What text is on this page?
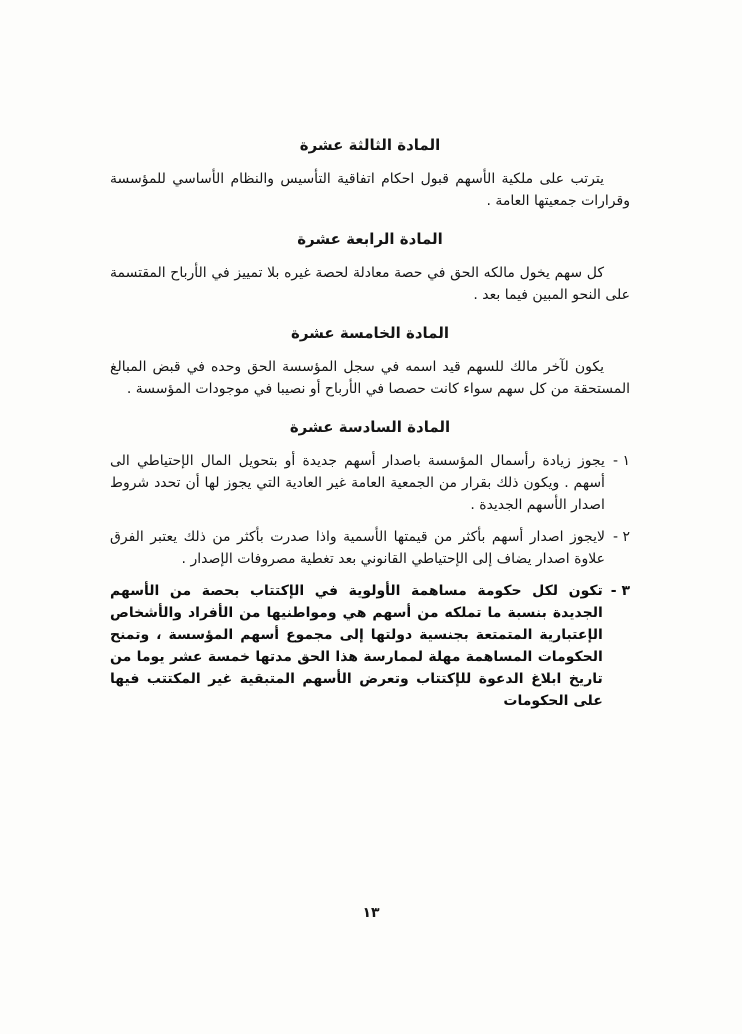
المادة الثالثة عشرة

يترتب على ملكية الأسهم قبول احكام اتفاقية التأسيس والنظام الأساسي للمؤسسة وقرارات جمعيتها العامة .

المادة الرابعة عشرة

كل سهم يخول مالكه الحق في حصة معادلة لحصة غيره بلا تمييز في الأرباح المقتسمة على النحو المبين فيما بعد .

المادة الخامسة عشرة

يكون لآخر مالك للسهم قيد اسمه في سجل المؤسسة الحق وحده في قبض المبالغ المستحقة من كل سهم سواء كانت حصصا في الأرباح أو نصيبا في موجودات المؤسسة .

المادة السادسة عشرة
١ -
يجوز زيادة رأسمال المؤسسة باصدار أسهم جديدة أو بتحويل المال الإحتياطي الى أسهم . ويكون ذلك بقرار من الجمعية العامة غير العادية التي يجوز لها أن تحدد شروط اصدار الأسهم الجديدة .
٢ -
لايجوز اصدار أسهم بأكثر من قيمتها الأسمية واذا صدرت بأكثر من ذلك يعتبر الفرق علاوة اصدار يضاف إلى الإحتياطي القانوني بعد تغطية مصروفات الإصدار .
٣ -
تكون لكل حكومة مساهمة الأولوية في الإكتتاب بحصة من الأسهم الجديدة بنسبة ما تملكه من أسهم هي ومواطنيها من الأفراد والأشخاص الإعتبارية المتمتعة بجنسية دولتها إلى مجموع أسهم المؤسسة ، وتمنح الحكومات المساهمة مهلة لممارسة هذا الحق مدتها خمسة عشر يوما من تاريخ ابلاغ الدعوة للإكتتاب وتعرض الأسهم المتبقية غير المكتتب فيها على الحكومات
١٣
